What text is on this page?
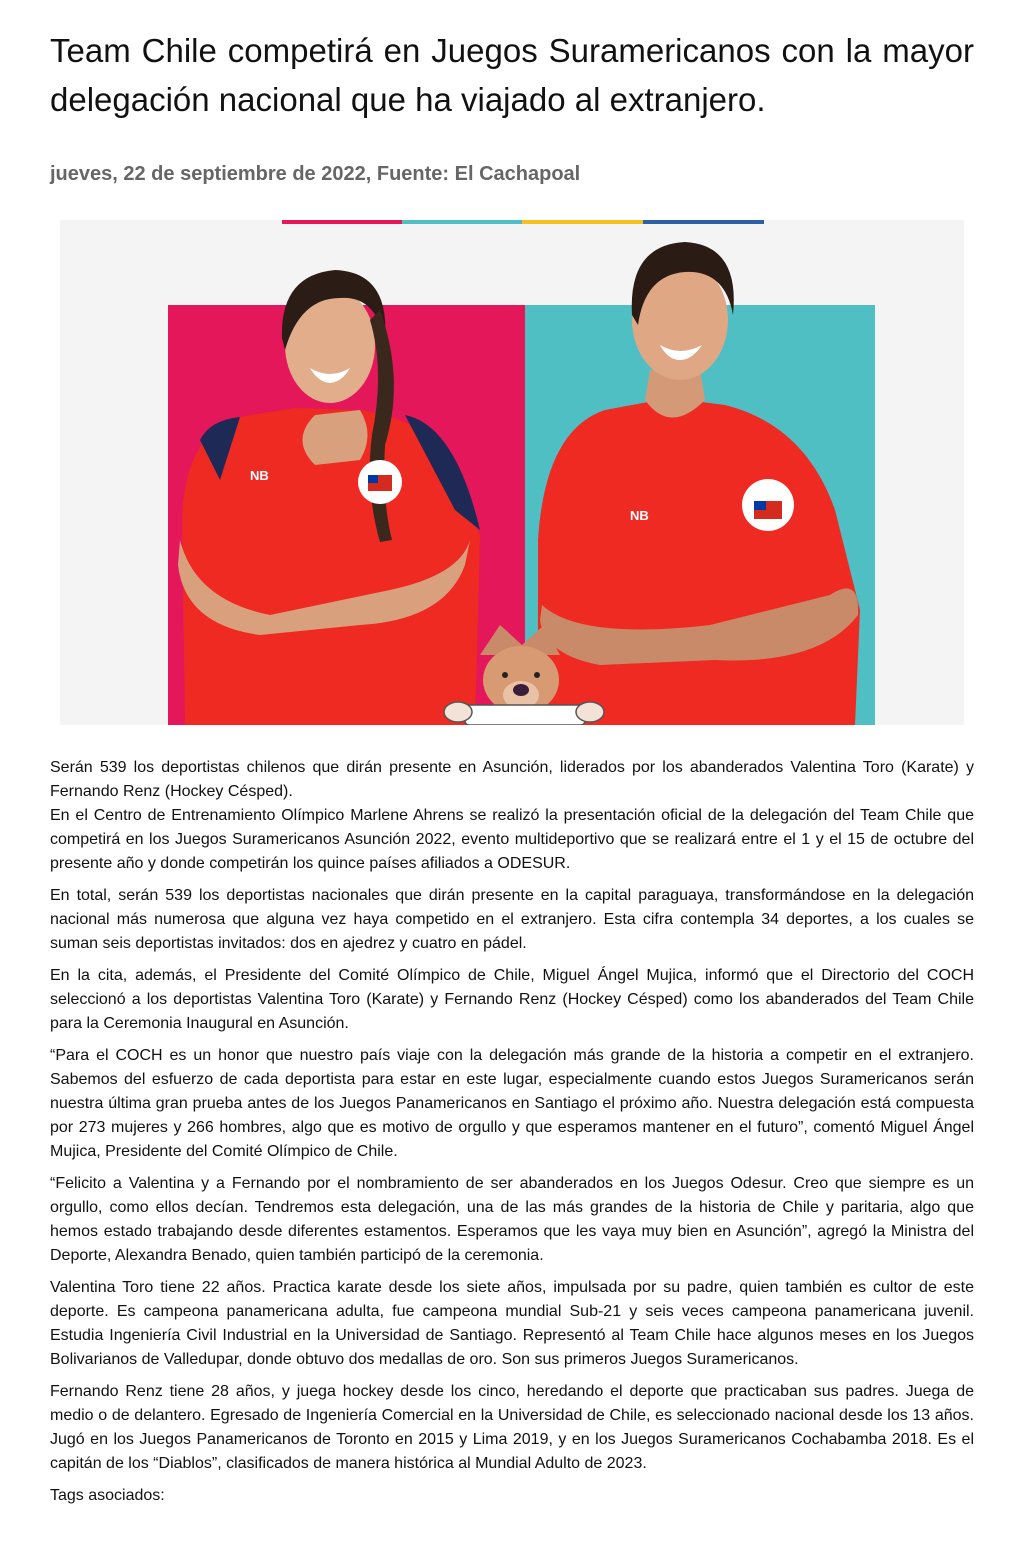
Team Chile competirá en Juegos Suramericanos con la mayor delegación nacional que ha viajado al extranjero.
jueves, 22 de septiembre de 2022, Fuente: El Cachapoal
NB
NB

Serán 539 los deportistas chilenos que dirán presente en Asunción, liderados por los abanderados Valentina Toro (Karate) y Fernando Renz (Hockey Césped).

En el Centro de Entrenamiento Olímpico Marlene Ahrens se realizó la presentación oficial de la delegación del Team Chile que competirá en los Juegos Suramericanos Asunción 2022, evento multideportivo que se realizará entre el 1 y el 15 de octubre del presente año y donde competirán los quince países afiliados a ODESUR.

En total, serán 539 los deportistas nacionales que dirán presente en la capital paraguaya, transformándose en la delegación nacional más numerosa que alguna vez haya competido en el extranjero. Esta cifra contempla 34 deportes, a los cuales se suman seis deportistas invitados: dos en ajedrez y cuatro en pádel.

En la cita, además, el Presidente del Comité Olímpico de Chile, Miguel Ángel Mujica, informó que el Directorio del COCH seleccionó a los deportistas Valentina Toro (Karate) y Fernando Renz (Hockey Césped) como los abanderados del Team Chile para la Ceremonia Inaugural en Asunción.

“Para el COCH es un honor que nuestro país viaje con la delegación más grande de la historia a competir en el extranjero. Sabemos del esfuerzo de cada deportista para estar en este lugar, especialmente cuando estos Juegos Suramericanos serán nuestra última gran prueba antes de los Juegos Panamericanos en Santiago el próximo año. Nuestra delegación está compuesta por 273 mujeres y 266 hombres, algo que es motivo de orgullo y que esperamos mantener en el futuro”, comentó Miguel Ángel Mujica, Presidente del Comité Olímpico de Chile.

“Felicito a Valentina y a Fernando por el nombramiento de ser abanderados en los Juegos Odesur. Creo que siempre es un orgullo, como ellos decían. Tendremos esta delegación, una de las más grandes de la historia de Chile y paritaria, algo que hemos estado trabajando desde diferentes estamentos. Esperamos que les vaya muy bien en Asunción”, agregó la Ministra del Deporte, Alexandra Benado, quien también participó de la ceremonia.

Valentina Toro tiene 22 años. Practica karate desde los siete años, impulsada por su padre, quien también es cultor de este deporte. Es campeona panamericana adulta, fue campeona mundial Sub-21 y seis veces campeona panamericana juvenil. Estudia Ingeniería Civil Industrial en la Universidad de Santiago. Representó al Team Chile hace algunos meses en los Juegos Bolivarianos de Valledupar, donde obtuvo dos medallas de oro. Son sus primeros Juegos Suramericanos.

Fernando Renz tiene 28 años, y juega hockey desde los cinco, heredando el deporte que practicaban sus padres. Juega de medio o de delantero. Egresado de Ingeniería Comercial en la Universidad de Chile, es seleccionado nacional desde los 13 años. Jugó en los Juegos Panamericanos de Toronto en 2015 y Lima 2019, y en los Juegos Suramericanos Cochabamba 2018. Es el capitán de los “Diablos”, clasificados de manera histórica al Mundial Adulto de 2023.

Tags asociados:
